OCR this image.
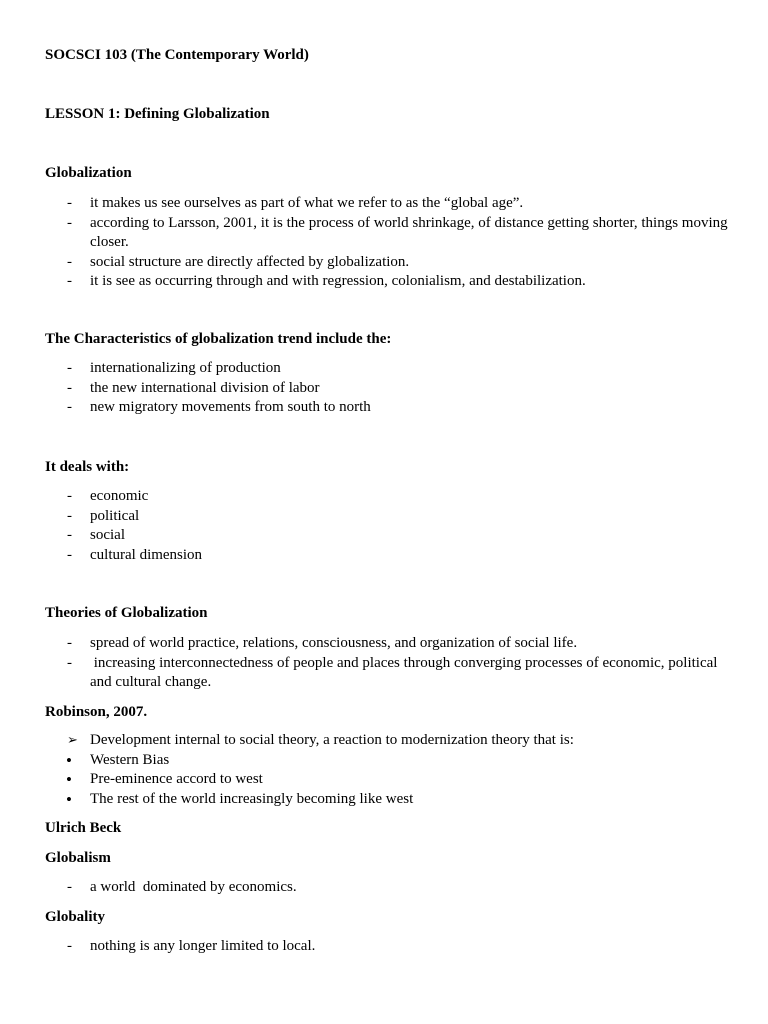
SOCSCI 103 (The Contemporary World)
LESSON 1: Defining Globalization
Globalization
-	it makes us see ourselves as part of what we refer to as the “global age”.
-	according to Larsson, 2001, it is the process of world shrinkage, of distance getting shorter, things moving closer.
-	social structure are directly affected by globalization.
-	it is see as occurring through and with regression, colonialism, and destabilization.
The Characteristics of globalization trend include the:
-	internationalizing of production
-	the new international division of labor
-	new migratory movements from south to north
It deals with:
-	economic
-	political
-	social
-	cultural dimension
Theories of Globalization
-	spread of world practice, relations, consciousness, and organization of social life.
-	increasing interconnectedness of people and places through converging processes of economic, political and cultural change.
Robinson, 2007.
➢ Development internal to social theory, a reaction to modernization theory that is:
•	Western Bias
•	Pre-eminence accord to west
•	The rest of the world increasingly becoming like west
Ulrich Beck
Globalism
-	a world  dominated by economics.
Globality
-	nothing is any longer limited to local.
